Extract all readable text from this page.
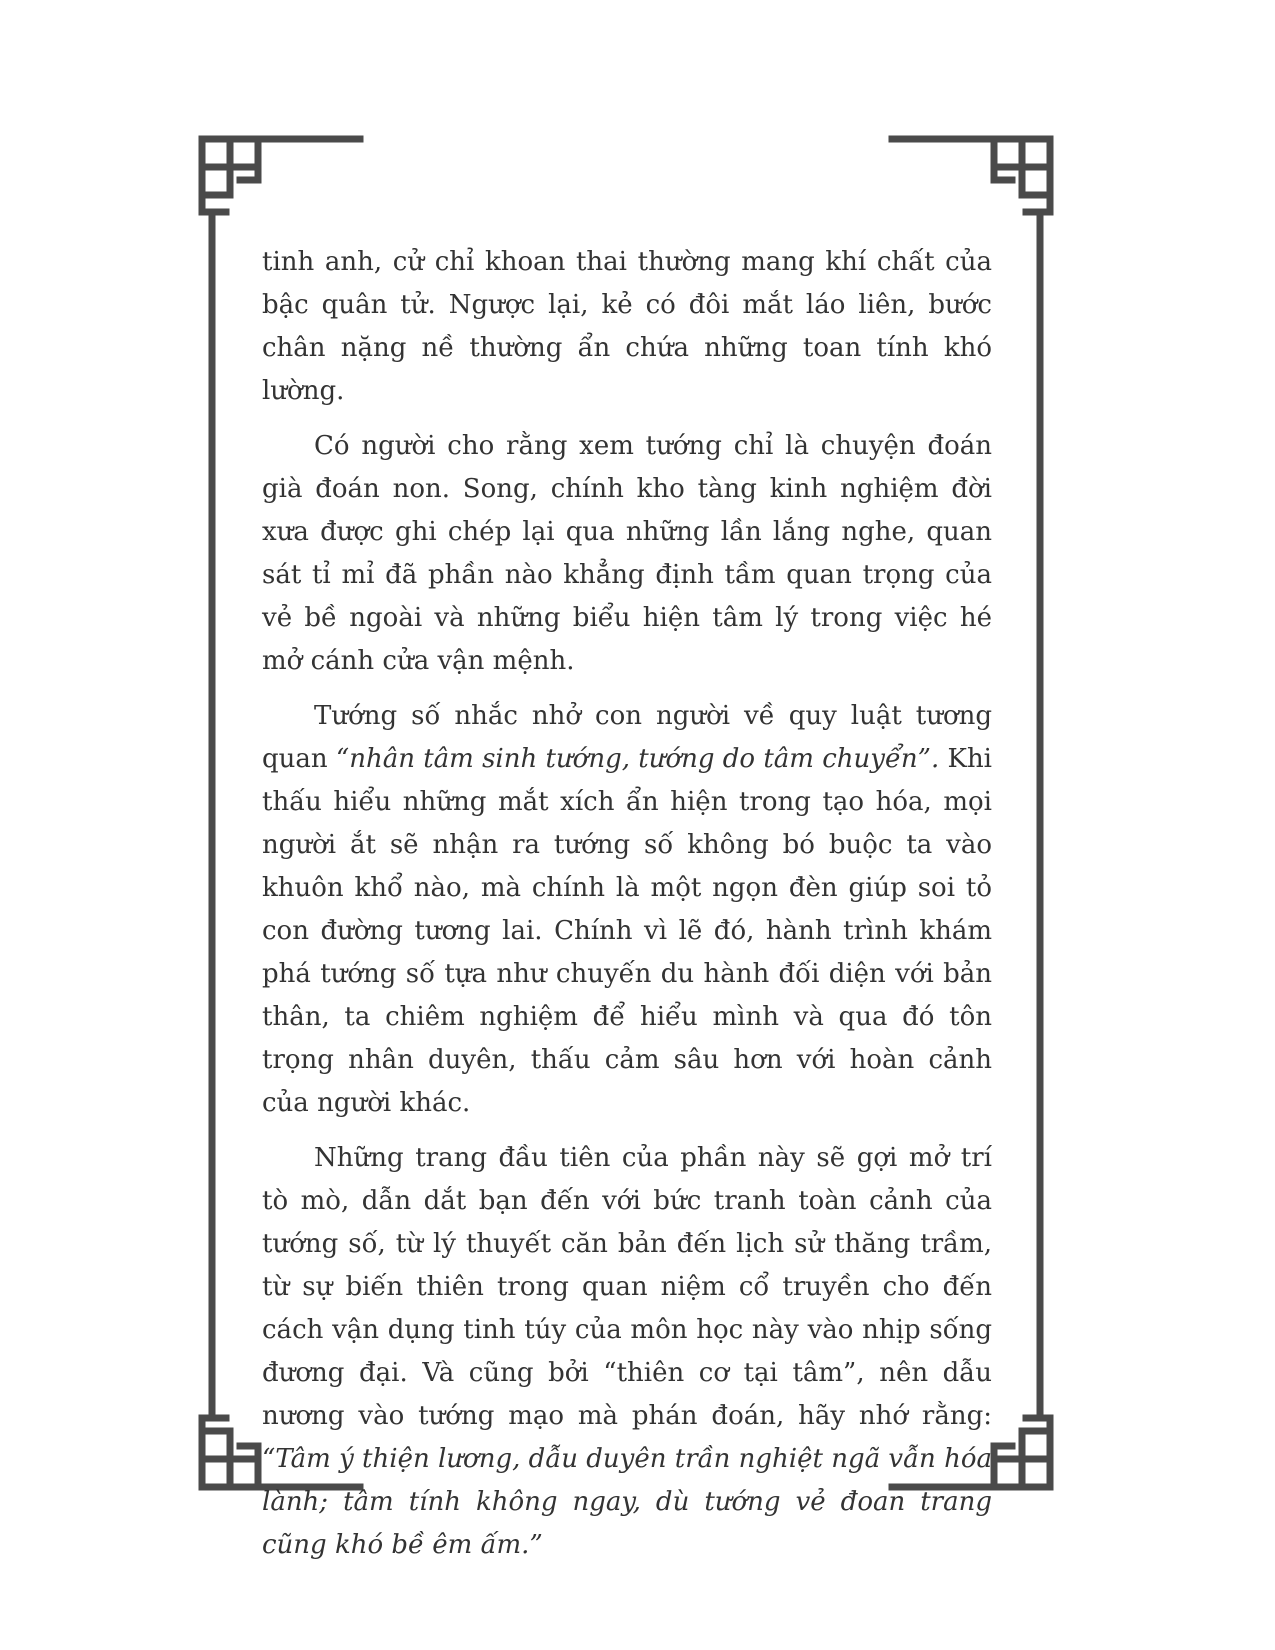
tinh anh, cử chỉ khoan thai thường mang khí chất của bậc quân tử. Ngược lại, kẻ có đôi mắt láo liên, bước chân nặng nề thường ẩn chứa những toan tính khó lường.

Có người cho rằng xem tướng chỉ là chuyện đoán già đoán non. Song, chính kho tàng kinh nghiệm đời xưa được ghi chép lại qua những lần lắng nghe, quan sát tỉ mỉ đã phần nào khẳng định tầm quan trọng của vẻ bề ngoài và những biểu hiện tâm lý trong việc hé mở cánh cửa vận mệnh.

Tướng số nhắc nhở con người về quy luật tương quan “nhân tâm sinh tướng, tướng do tâm chuyển”. Khi thấu hiểu những mắt xích ẩn hiện trong tạo hóa, mọi người ắt sẽ nhận ra tướng số không bó buộc ta vào khuôn khổ nào, mà chính là một ngọn đèn giúp soi tỏ con đường tương lai. Chính vì lẽ đó, hành trình khám phá tướng số tựa như chuyến du hành đối diện với bản thân, ta chiêm nghiệm để hiểu mình và qua đó tôn trọng nhân duyên, thấu cảm sâu hơn với hoàn cảnh của người khác.

Những trang đầu tiên của phần này sẽ gợi mở trí tò mò, dẫn dắt bạn đến với bức tranh toàn cảnh của tướng số, từ lý thuyết căn bản đến lịch sử thăng trầm, từ sự biến thiên trong quan niệm cổ truyền cho đến cách vận dụng tinh túy của môn học này vào nhịp sống đương đại. Và cũng bởi “thiên cơ tại tâm”, nên dẫu nương vào tướng mạo mà phán đoán, hãy nhớ rằng: “Tâm ý thiện lương, dẫu duyên trần nghiệt ngã vẫn hóa lành; tâm tính không ngay, dù tướng vẻ đoan trang cũng khó bề êm ấm.”
